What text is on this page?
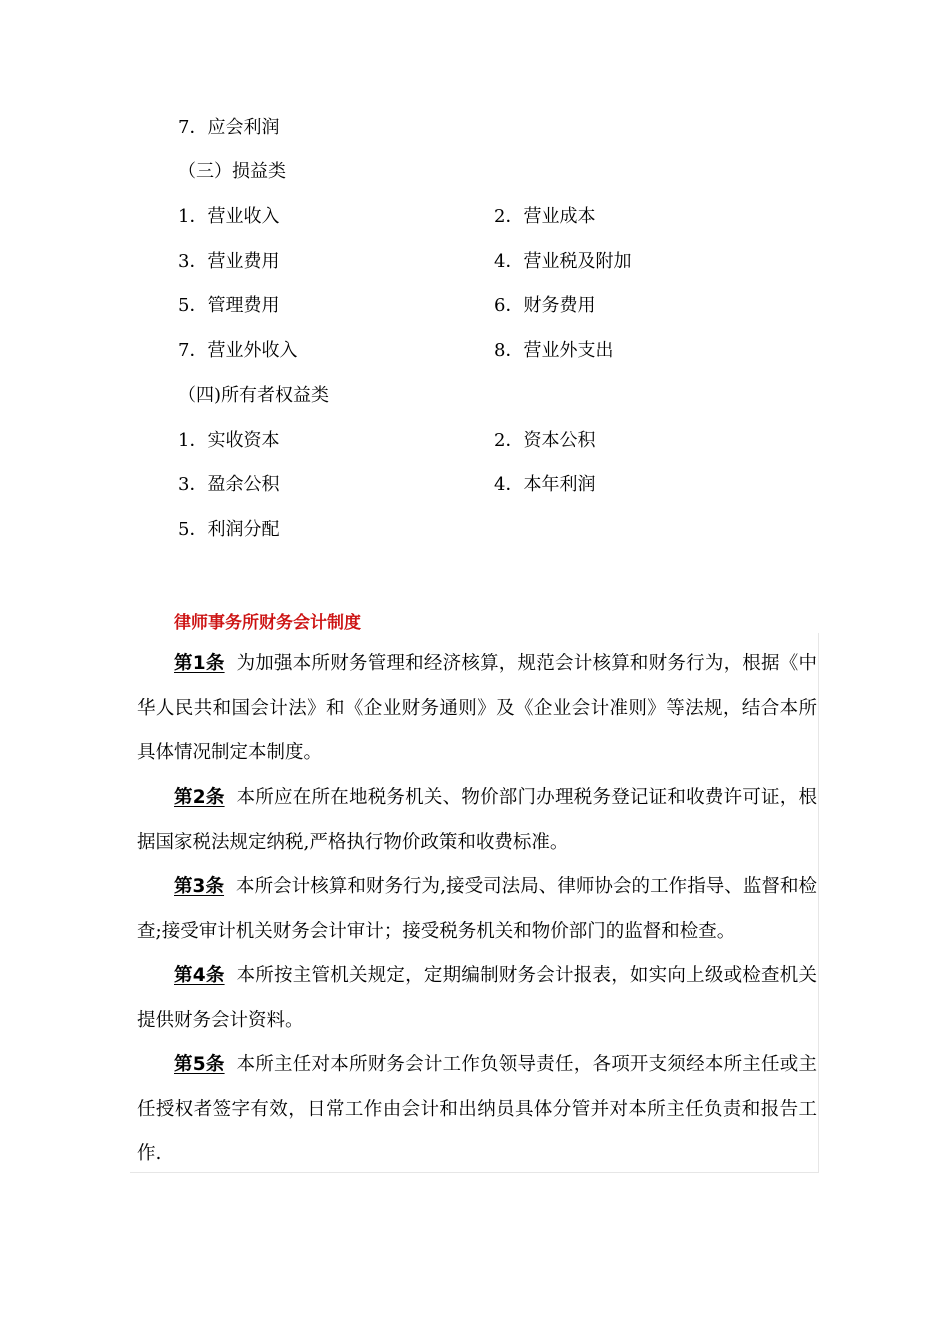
7．应会利润
（三）损益类
1．营业收入	2．营业成本
3．营业费用	4．营业税及附加
5．管理费用	6．财务费用
7．营业外收入	8．营业外支出
（四)所有者权益类
1．实收资本	2．资本公积
3．盈余公积	4．本年利润
5．利润分配
律师事务所财务会计制度
第1条 为加强本所财务管理和经济核算，规范会计核算和财务行为，根据《中华人民共和国会计法》和《企业财务通则》及《企业会计准则》等法规，结合本所具体情况制定本制度。
第2条 本所应在所在地税务机关、物价部门办理税务登记证和收费许可证，根据国家税法规定纳税,严格执行物价政策和收费标准。
第3条 本所会计核算和财务行为,接受司法局、律师协会的工作指导、监督和检查;接受审计机关财务会计审计；接受税务机关和物价部门的监督和检查。
第4条 本所按主管机关规定，定期编制财务会计报表，如实向上级或检查机关提供财务会计资料。
第5条 本所主任对本所财务会计工作负领导责任，各项开支须经本所主任或主任授权者签字有效，日常工作由会计和出纳员具体分管并对本所主任负责和报告工作.
